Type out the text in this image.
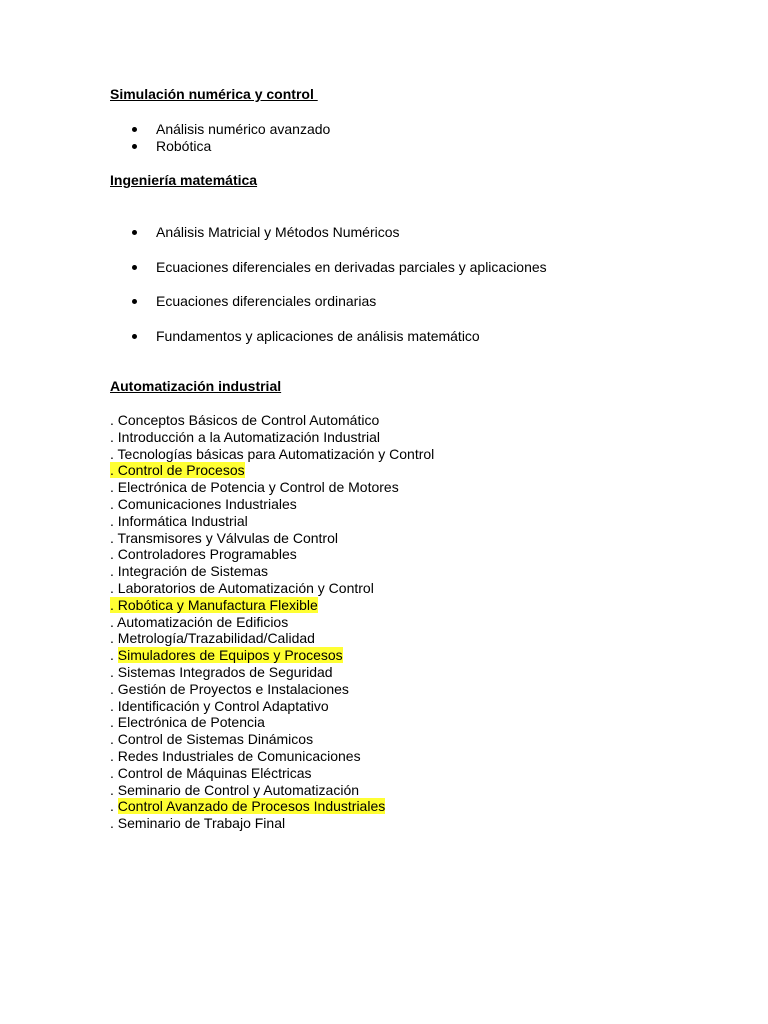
Simulación numérica y control
Análisis numérico avanzado
Robótica
Ingeniería matemática
Análisis Matricial y Métodos Numéricos
Ecuaciones diferenciales en derivadas parciales y aplicaciones
Ecuaciones diferenciales ordinarias
Fundamentos y aplicaciones de análisis matemático
Automatización industrial
. Conceptos Básicos de Control Automático
. Introducción a la Automatización Industrial
. Tecnologías básicas para Automatización y Control
. Control de Procesos
. Electrónica de Potencia y Control de Motores
. Comunicaciones Industriales
. Informática Industrial
. Transmisores y Válvulas de Control
. Controladores Programables
. Integración de Sistemas
. Laboratorios de Automatización y Control
. Robótica y Manufactura Flexible
. Automatización de Edificios
. Metrología/Trazabilidad/Calidad
. Simuladores de Equipos y Procesos
. Sistemas Integrados de Seguridad
. Gestión de Proyectos e Instalaciones
. Identificación y Control Adaptativo
. Electrónica de Potencia
. Control de Sistemas Dinámicos
. Redes Industriales de Comunicaciones
. Control de Máquinas Eléctricas
. Seminario de Control y Automatización
. Control Avanzado de Procesos Industriales
. Seminario de Trabajo Final
